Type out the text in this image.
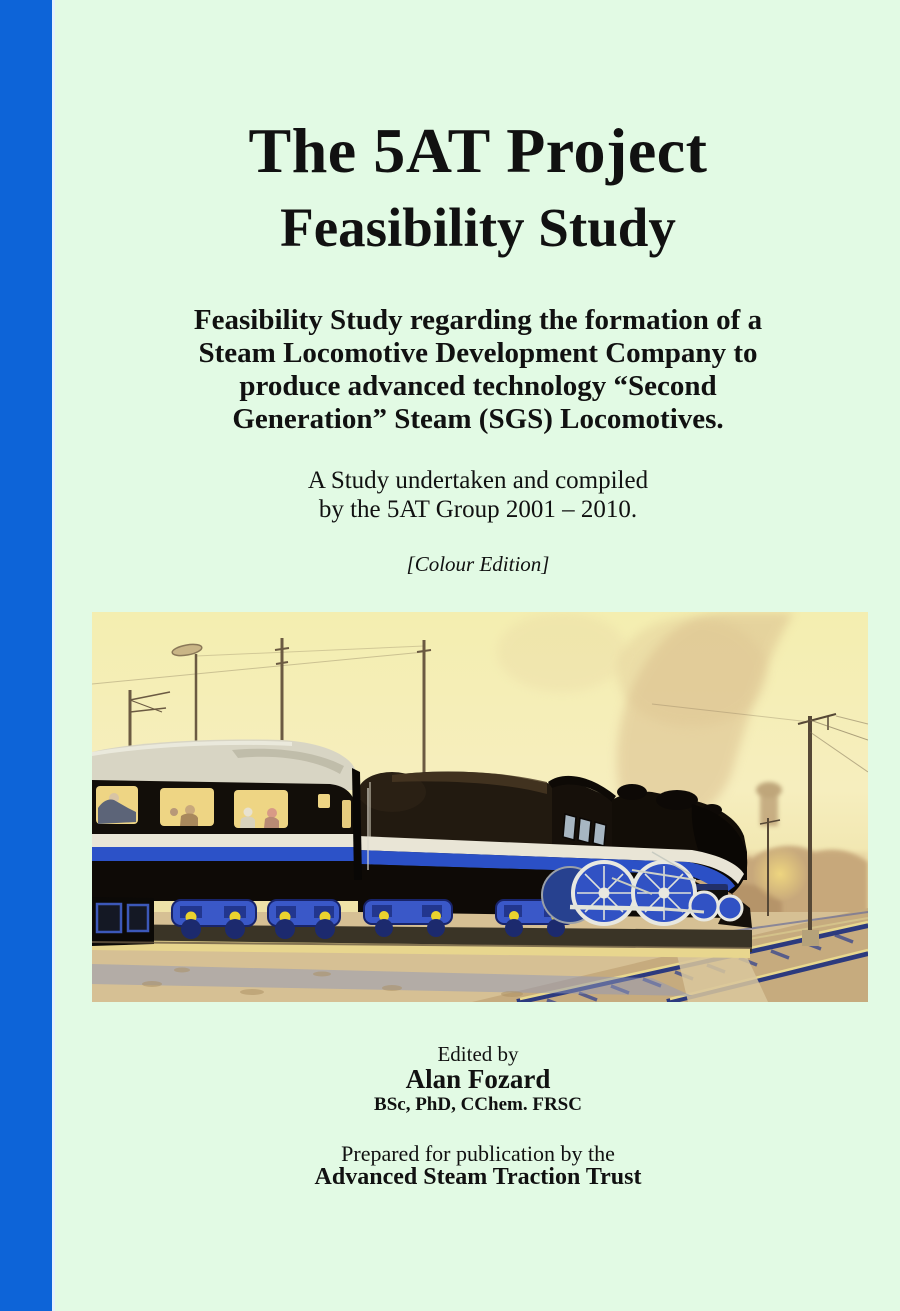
The 5AT Project
Feasibility Study
Feasibility Study regarding the formation of a
Steam Locomotive Development Company to
produce advanced technology “Second
Generation” Steam (SGS) Locomotives.
A Study undertaken and compiled
by the 5AT Group 2001 – 2010.
[Colour Edition]
Edited by
Alan Fozard
BSc, PhD, CChem. FRSC
Prepared for publication by the
Advanced Steam Traction Trust
